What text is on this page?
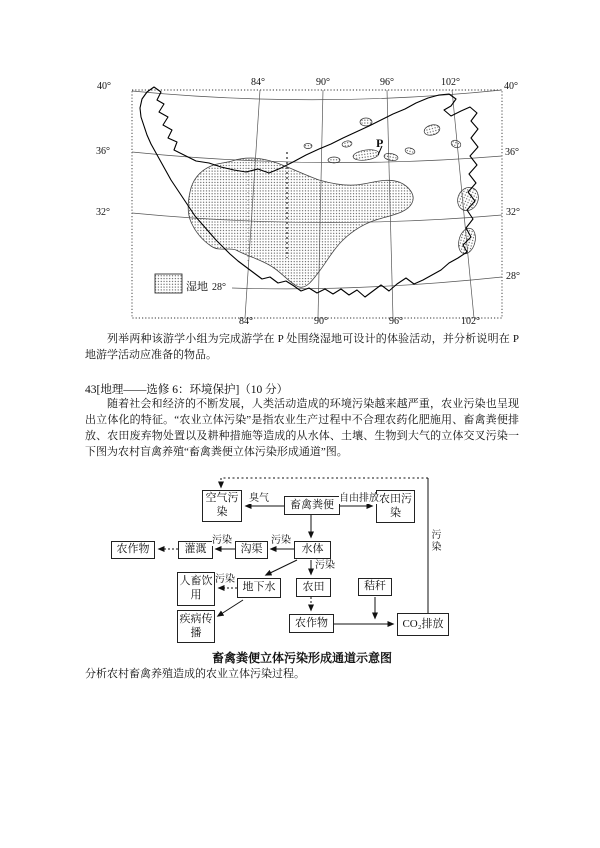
40°
36°
32°
28°
40°
36°
32°
28°
84°	90°	96°	102°
84°	90°	96°	102°
湿地
P
列举两种该游学小组为完成游学在 P 处围绕湿地可设计的体验活动，并分析说明在 P 地游学活动应准备的物品。
43[地理——选修 6：环境保护]（10 分）
随着社会和经济的不断发展，人类活动造成的环境污染越来越严重，农业污染也呈现出立体化的特征。“农业立体污染”是指农业生产过程中不合理农药化肥施用、畜禽粪便排放、农田废弃物处置以及耕种措施等造成的从水体、土壤、生物到大气的立体交叉污染一下图为农村盲禽养殖“畜禽粪便立体污染形成通道”图。
空气污染
畜禽粪便	农田污染
农作物	灌溉	沟渠	水体
人畜饮用
地下水	农田	秸秆
疾病传播
农作物	CO₂排放
臭气	自由排放
污染
污染
污染
污染
污染
畜禽粪便立体污染形成通道示意图
分析农村畜禽养殖造成的农业立体污染过程。
